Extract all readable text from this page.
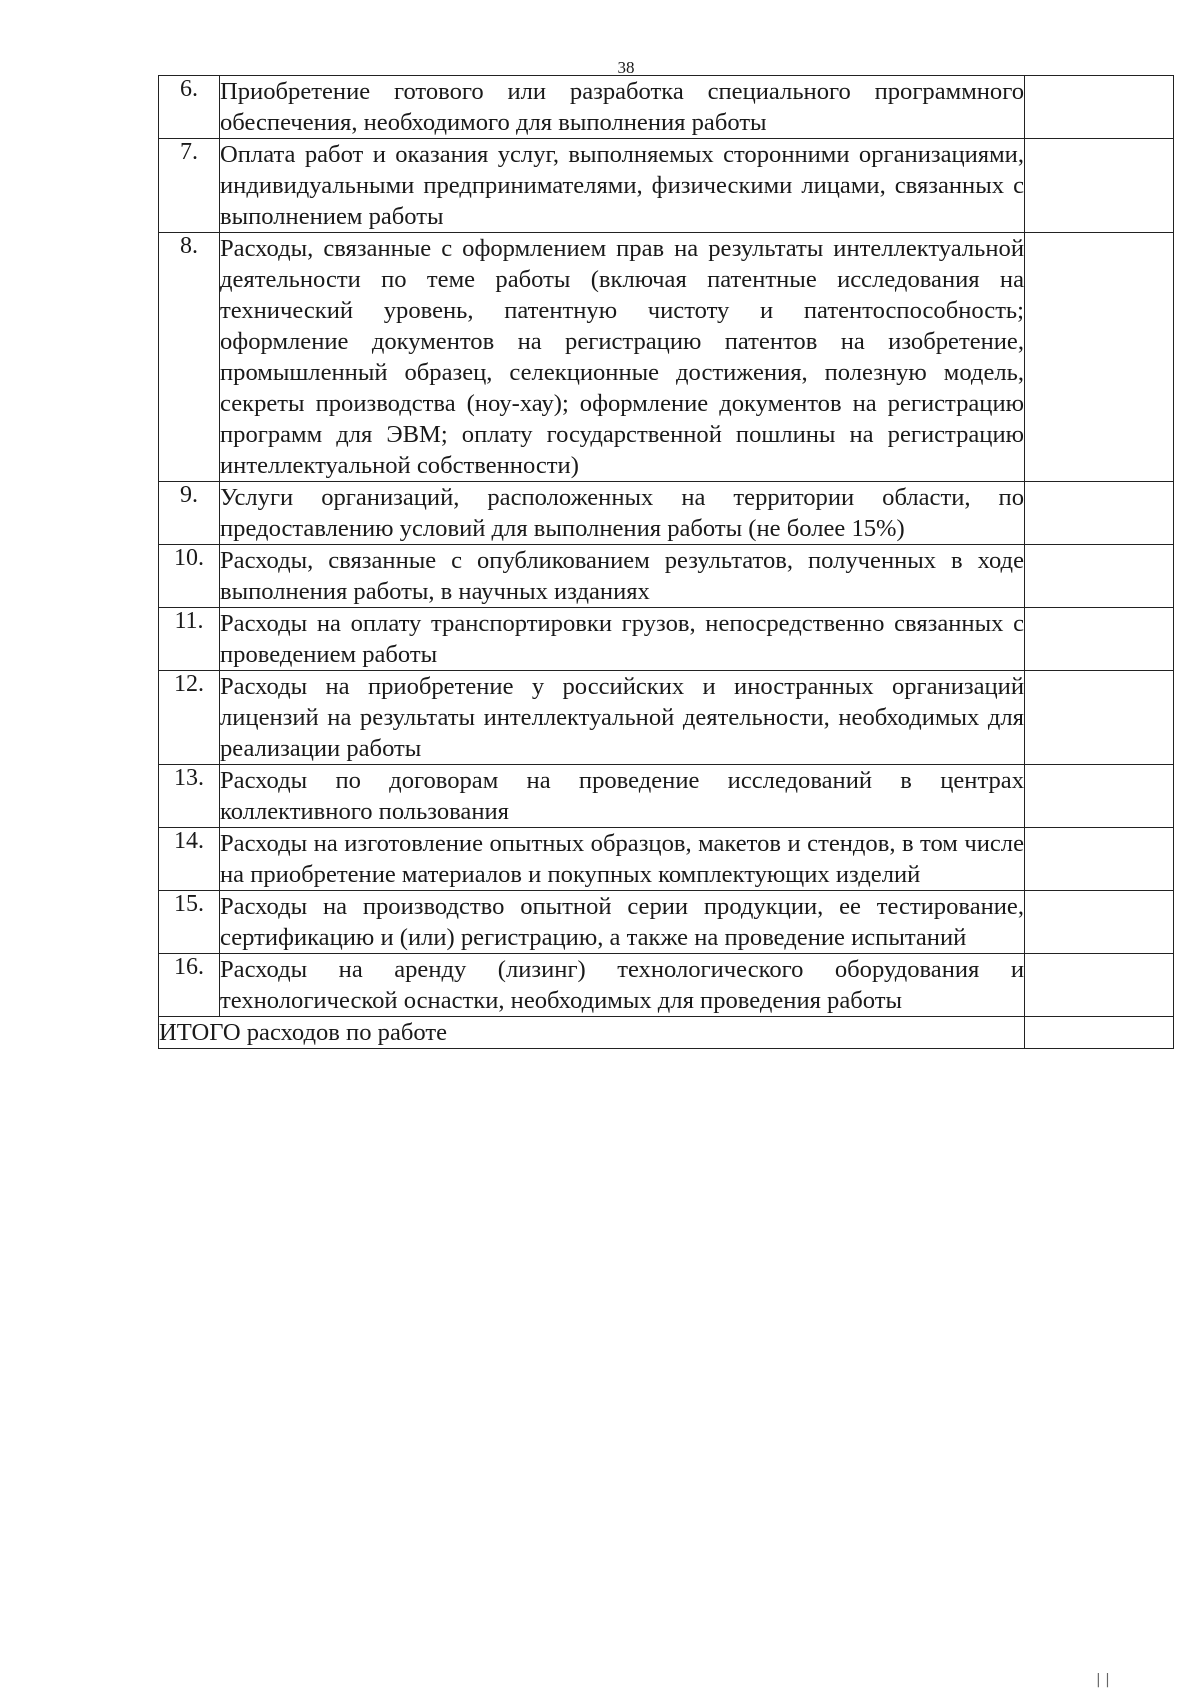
38
6.	Приобретение готового или разработка специального программного обеспечения, необходимого для выполнения работы	
7.	Оплата работ и оказания услуг, выполняемых сторонними организациями, индивидуальными предпринимателями, физическими лицами, связанных с выполнением работы	
8.	Расходы, связанные с оформлением прав на результаты интеллектуальной деятельности по теме работы (включая патентные исследования на технический уровень, патентную чистоту и патентоспособность; оформление документов на регистрацию патентов на изобретение, промышленный образец, селекционные достижения, полезную модель, секреты производства (ноу-хау); оформление документов на регистрацию программ для ЭВМ; оплату государственной пошлины на регистрацию интеллектуальной собственности)	
9.	Услуги организаций, расположенных на территории области, по предоставлению условий для выполнения работы (не более 15%)	
10.	Расходы, связанные с опубликованием результатов, полученных в ходе выполнения работы, в научных изданиях	
11.	Расходы на оплату транспортировки грузов, непосредственно связанных с проведением работы	
12.	Расходы на приобретение у российских и иностранных организаций лицензий на результаты интеллектуальной деятельности, необходимых для реализации работы	
13.	Расходы по договорам на проведение исследований в центрах коллективного пользования	
14.	Расходы на изготовление опытных образцов, макетов и стендов, в том числе на приобретение материалов и покупных комплектующих изделий	
15.	Расходы на производство опытной серии продукции, ее тестирование, сертификацию и (или) регистрацию, а также на проведение испытаний	
16.	Расходы на аренду (лизинг) технологического оборудования и технологической оснастки, необходимых для проведения работы	
ИТОГО расходов по работе		
| |
